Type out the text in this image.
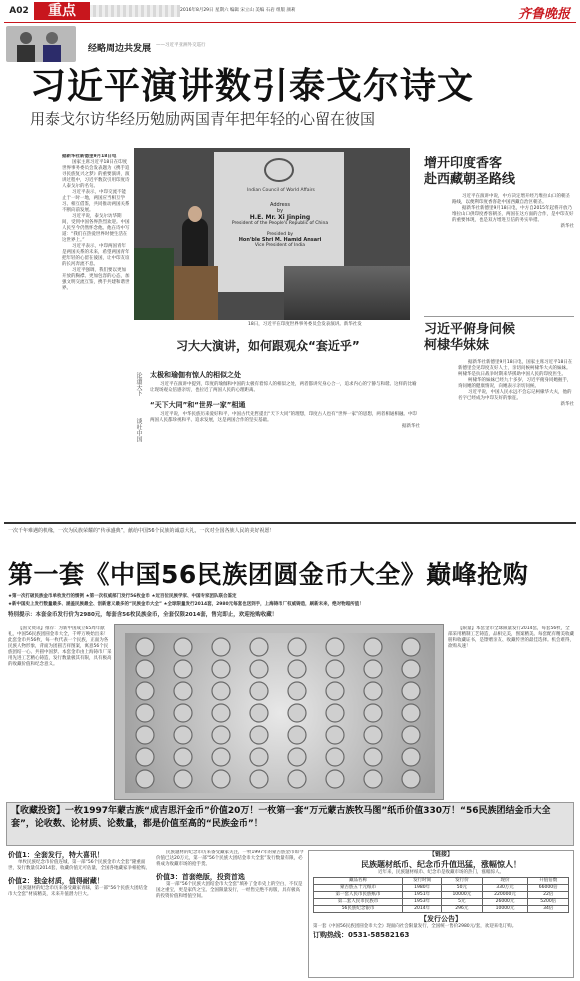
A02	重点	2016年8月29日 星期六 编辑 宋立山 美编 石岩 组版 颜莉	齐鲁晚报
经略周边共发展 ——习近平亚洲外交巡行
习近平演讲数引泰戈尔诗文
用泰戈尔访华经历勉励两国青年把年轻的心留在彼国
据新华社新德里9月18日电

国家主席习近平18日在印度世界事务委员会发表题为《携手追寻民族复兴之梦》的重要演讲，演讲过程中，习近平数次引用印度诗人泰戈尔的名句。

习近平表示，中印交流不能止于一时一地，两国应当相互学习、相互借鉴，共同推动两国关系不断向前发展。

习近平说，泰戈尔访华期间，受到中国各界热烈欢迎。中国人民至今仍然怀念他。他在诗中写道：“我们在热爱世界时便生活在这世界上。”

习近平表示，中印两国青年是两国关系的未来，希望两国青年把年轻的心留在彼国，让中印友谊的长河奔流不息。

习近平强调，我们要以更加开放的胸襟、更加包容的心态，加强文明交流互鉴，携手共建和谐世界。

Indian Council of World Affairs
Address
by
H.E. Mr. Xi Jinping
President of the People's Republic of China
Presided by
Hon'ble Shri M. Hamid Ansari
Vice President of India
18日，习近平在印度世界事务委员会发表演讲。新华社发
增开印度香客
赴西藏朝圣路线

习近平在演讲中说，中方决定增开经乃堆拉山口的朝圣路线，以便利印度香客赴中国西藏自治区朝圣。

据新华社新德里9月18日电，中方自2015年起将开放乃堆拉山口供印度香客朝圣，两国在这方面的合作，是中印友好的重要体现，也是双方增进互信的务实举措。

新华社

习近平俯身问候
柯棣华妹妹

据新华社新德里9月18日电，国家主席习近平18日在新德里会见印度友好人士，亲切问候柯棣华大夫的妹妹。柯棣华是抗日战争时期来华援助中国人民的印度医生。

柯棣华的妹妹已经九十多岁，习近平俯身同她握手，询问她的健康情况，向她表示亲切问候。

习近平说，中国人民永远不会忘记柯棣华大夫，他的名字已经成为中印友好的象征。

新华社

习大大演讲，如何跟观众“套近乎”
论道天下
谈吐中国
太极和瑜伽有惊人的相似之处

习近平在演讲中提到，印度的瑜伽和中国的太极有着惊人的相似之处，两者都讲究身心合一，追求内心的宁静与和谐。这样的比喻让现场观众倍感亲切，也拉近了两国人民的心理距离。

“天下大同”和“世界一家”相通

习近平说，中华民族历来爱好和平，中国古代先哲提出“天下大同”的理想，印度古人也有“世界一家”的思想，两者相通相融。中印两国人民都珍视和平、追求发展，这是两国合作的坚实基础。

据新华社

一次千年难遇的机缘，一次为民族荣耀的“传承盛典”，献给中国56个民族的诚意大礼，一次对全国各族人民的美好祝愿！
第一套《中国56民族团圆金币大全》巅峰抢购
★第一次打破民族金币单枚发行的惯例 ★第一次权威部门发行56枚金币 ★近百位民族学家、中国专家团队联合鉴定
★新中国史上发行数量最多、涵盖民族最全、创新意义最多的“民族金币大全” ★全球限量发行2014套，2980元每套也送到手，上海铸币厂权威铸造，刷新未来，绝对物超所值！
特别提示：本套金币发行价为2980元，每套含56枚民族金币，全套仅限2014套，售完即止，欢迎抢购收藏！

【国文资讯】推荐：为新中国成立65周年献礼，中国56民族团圆金币大全，千呼万唤始出来！此套金币共56枚，每一枚代表一个民族，正面为各民族人物形象，背面为团圆吉祥图案，寓意56个民族团结一心、共圆中国梦。本套金币由上海铸币厂采用先进工艺精心铸造，发行数量极其有限，具有极高的收藏价值和纪念意义。

【限量】本套金币全球限量发行2014套，每套56枚，全部采用精制工艺铸造，品相完美，图案精美。每套配有精美收藏册和收藏证书，是馈赠亲友、收藏传世的最佳选择。机会难得，欲购从速！

【收藏投资】一枚1997年蒙古族“成吉思汗金币”价值20万！一枚第一套“万元蒙古族牧马图”纸币价值330万！“56民族团结金币大全套”，论收数、论材质、论数量，都是价值至高的“民族金币”！
价值1：全套发行，特大喜讯！

单枚民族纪念币价值连城，第一部“56个民族金币大全套”隆重面世，发行数量仅2014套，收藏价值无可估量，全国各地藏家争相抢购。

价值2：独金材质，值得耐藏！

民族题材的纪念币历来备受藏家青睐，第一部“56个民族大团结金币大全套”材质精美，未来升值潜力巨大。

民族题材的纪念币历来备受藏家关注，一枚1997年的蒙古族金币如今价值已达20万元，第一部“56个民族大团结金币大全套”发行数量有限，必将成为收藏市场的抢手货。

价值3：首套绝版，投资首选

第一部“56个民族大团结金币大全套”填补了金币史上的空白，不仅是国之重宝，更是家传之宝。全国限量发行，一经售完绝不再版，具有极高的投资价值和增值空间。

【链接】
民族题材纸币、纪念币升值迅猛，涨幅惊人！
近年来，民族题材纸币、纪念币是收藏市场的热门，涨幅惊人。
藏品名称	发行时间	发行价	现价	升值倍数
蒙古族五十元纸币	1980年	50元	330万元	66000倍
第一套人民币民族纸币	1951年	10000元	220000元	22倍
第二套人民币民族币	1953年	5元	26000元	5200倍
56民族纪念银币	2014年	296元	10000元	34倍
【发行公告】
第一套《中国56民族团圆金币大全》现面向社会限量发行，全国统一售价2980元/套，欢迎来电订购。
订购热线：0531-58582163
